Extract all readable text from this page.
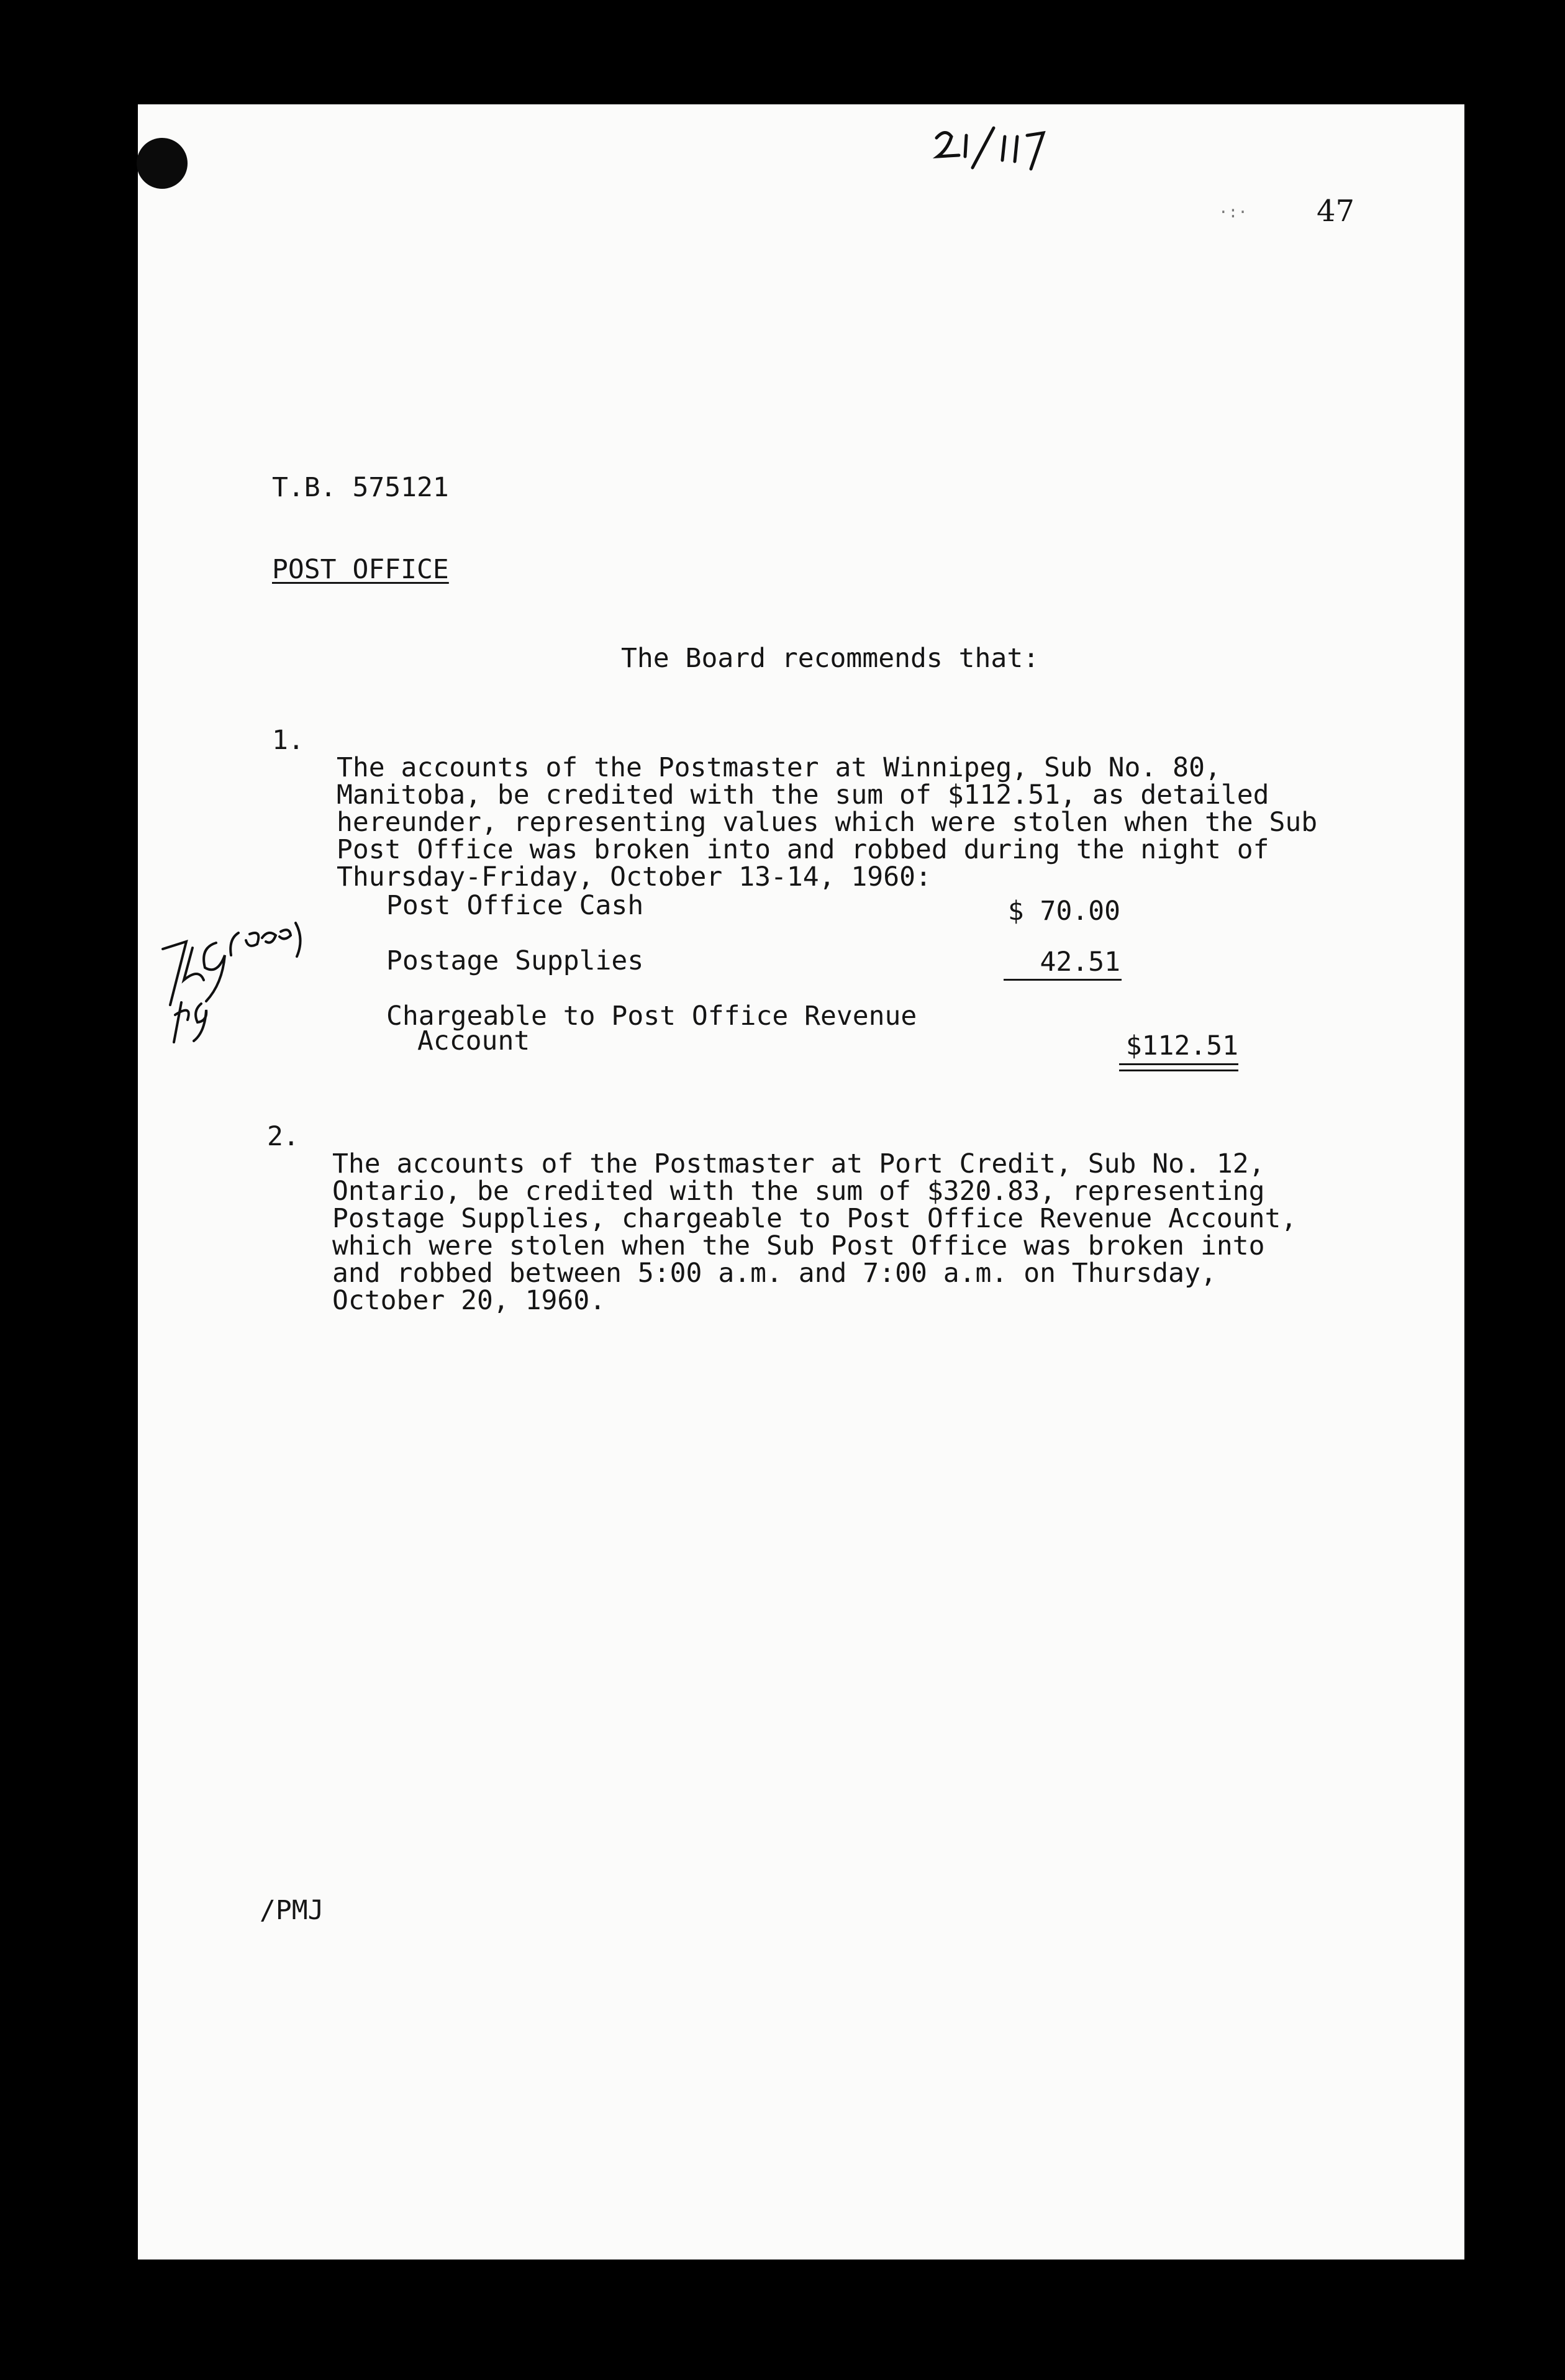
47
·:·
T.B. 575121
POST OFFICE
The Board recommends that:
1.

The accounts of the Postmaster at Winnipeg, Sub No. 80,
Manitoba, be credited with the sum of $112.51, as detailed
hereunder, representing values which were stolen when the Sub
Post Office was broken into and robbed during the night of
Thursday-Friday, October 13-14, 1960:

Post Office Cash	$ 70.00
Postage Supplies	42.51
Chargeable to Post Office Revenue
Account	$112.51
2.

The accounts of the Postmaster at Port Credit, Sub No. 12,
Ontario, be credited with the sum of $320.83, representing
Postage Supplies, chargeable to Post Office Revenue Account,
which were stolen when the Sub Post Office was broken into
and robbed between 5:00 a.m. and 7:00 a.m. on Thursday,
October 20, 1960.

/PMJ
